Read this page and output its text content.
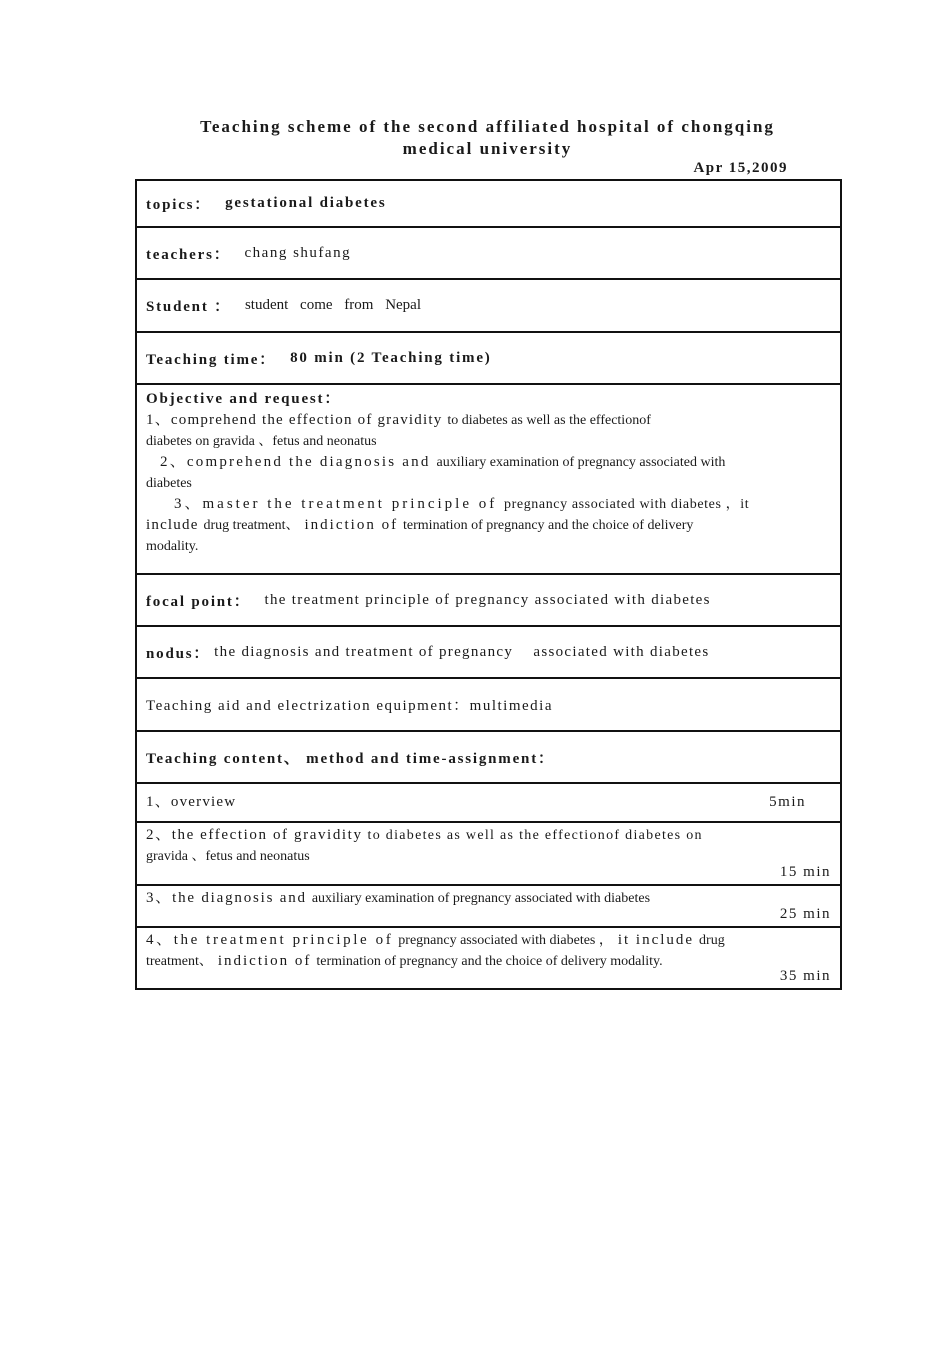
Teaching scheme of the second affiliated hospital of chongqing
medical university
Apr 15,2009
topics： gestational diabetes
teachers： chang shufang
Student ： student come from Nepal
Teaching time： 80 min (2 Teaching time)

Objective and request：

1、comprehend the effection of gravidity to diabetes as well as the effectionof

diabetes on gravida 、fetus and neonatus

2、comprehend the diagnosis and auxiliary examination of pregnancy associated with

diabetes

3、master the treatment principle of pregnancy associated with diabetes ，it

include drug treatment、 indiction of termination of pregnancy and the choice of delivery

modality.

focal point： the treatment principle of pregnancy associated with diabetes
nodus： the diagnosis and treatment of pregnancy    associated with diabetes
Teaching aid and electrization equipment：multimedia
Teaching content、 method and time-assignment：
1、overview	5min
2、the effection of gravidity to diabetes as well as the effectionof diabetes on
gravida 、fetus and neonatus
15 min
3、the diagnosis and auxiliary examination of pregnancy associated with diabetes
25 min
4、the treatment principle of pregnancy associated with diabetes ， it include drug
treatment、 indiction of termination of pregnancy and the choice of delivery modality.
35 min
